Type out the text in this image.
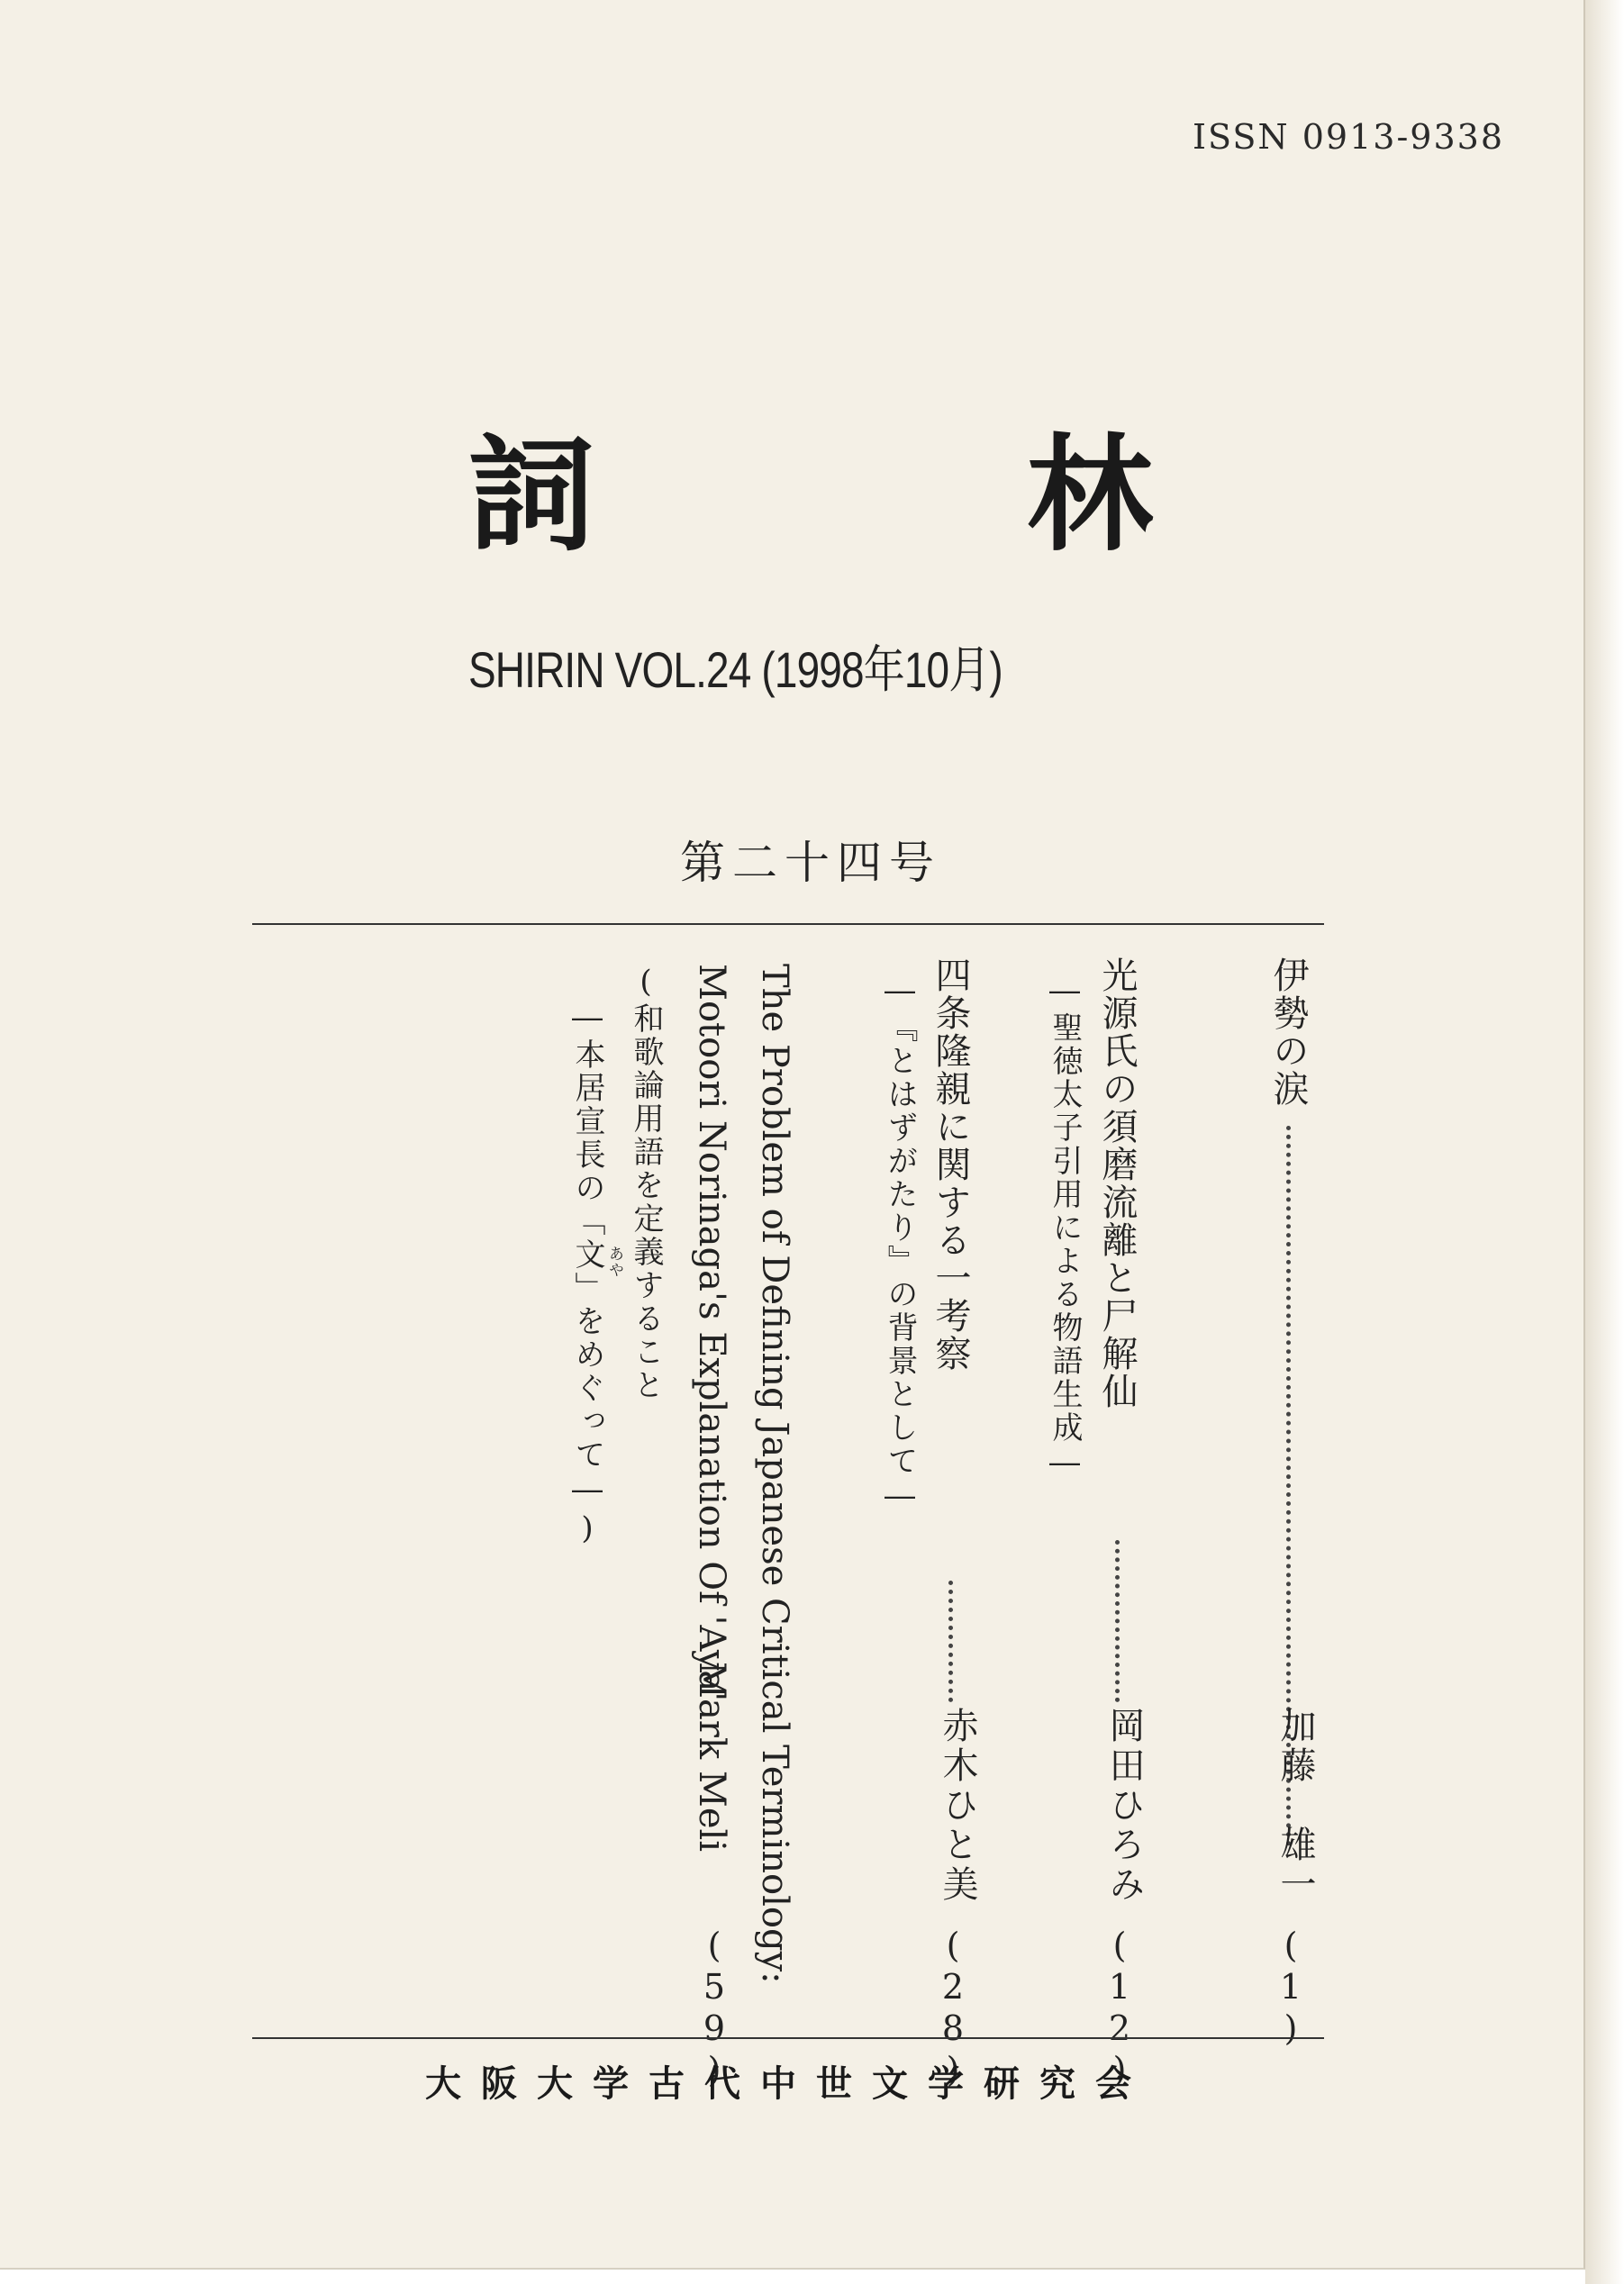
ISSN 0913-9338
詞	林
SHIRIN VOL.24 (1998年10月)
第二十四号
伊勢の涙
加藤　雄一
(1)
光源氏の須磨流離と尸解仙
―聖徳太子引用による物語生成―
岡田ひろみ
(12)
四条隆親に関する一考察
―『とはずがたり』の背景として―
赤木ひと美
(28)
The Problem of Defining Japanese Critical Terminology:
Motoori Norinaga's Explanation Of 'Aya'
(和歌論用語を定義すること
―本居宣長の「文」をめぐって―) あや
Mark Meli
(59)
大阪大学古代中世文学研究会
